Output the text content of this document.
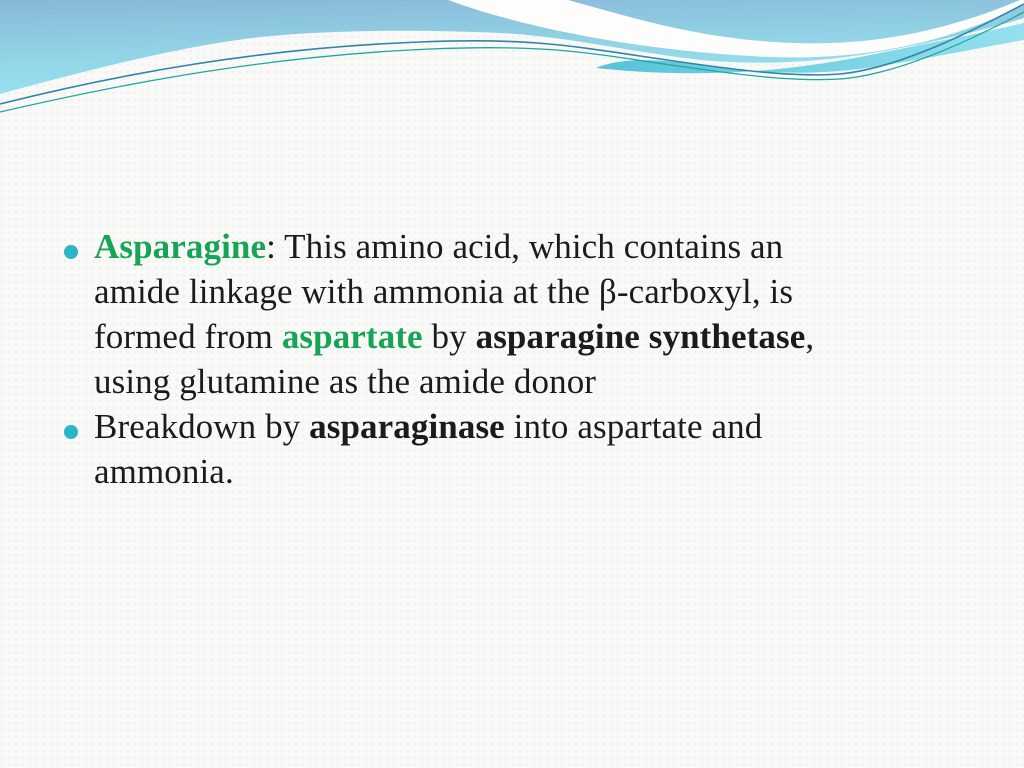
Asparagine: This amino acid, which contains an
amide linkage with ammonia at the β-carboxyl, is
formed from aspartate by asparagine synthetase,
using glutamine as the amide donor

Breakdown by asparaginase into aspartate and
ammonia.
